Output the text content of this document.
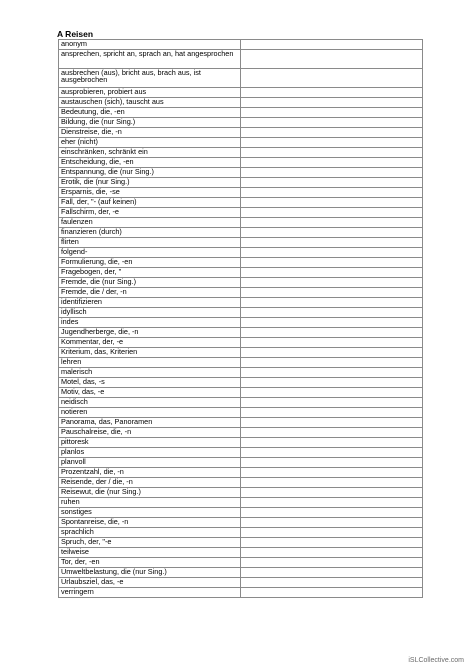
A Reisen
anonym	
ansprechen, spricht an, sprach an, hat angesprochen	
ausbrechen (aus), bricht aus, brach aus, ist ausgebrochen	
ausprobieren, probiert aus	
austauschen (sich), tauscht aus	
Bedeutung, die, -en	
Bildung, die (nur Sing.)	
Dienstreise, die, -n	
eher (nicht)	
einschränken, schränkt ein	
Entscheidung, die, -en	
Entspannung, die (nur Sing.)	
Erotik, die (nur Sing.)	
Ersparnis, die, -se	
Fall, der, "- (auf keinen)	
Fallschirm, der, -e	
faulenzen	
finanzieren (durch)	
flirten	
folgend-	
Formulierung, die, -en	
Fragebogen, der, "	
Fremde, die (nur Sing.)	
Fremde, die / der, -n	
identifizieren	
idyllisch	
indes	
Jugendherberge, die, -n	
Kommentar, der, -e	
Kriterium, das, Kriterien	
lehren	
malerisch	
Motel, das, -s	
Motiv, das, -e	
neidisch	
notieren	
Panorama, das, Panoramen	
Pauschalreise, die, -n	
pittoresk	
planlos	
planvoll	
Prozentzahl, die, -n	
Reisende, der / die, -n	
Reisewut, die (nur Sing.)	
ruhen	
sonstiges	
Spontanreise, die, -n	
sprachlich	
Spruch, der, "-e	
teilweise	
Tor, der, -en	
Umweltbelastung, die (nur Sing.)	
Urlaubsziel, das, -e	
verringern	
iSLCollective.com
